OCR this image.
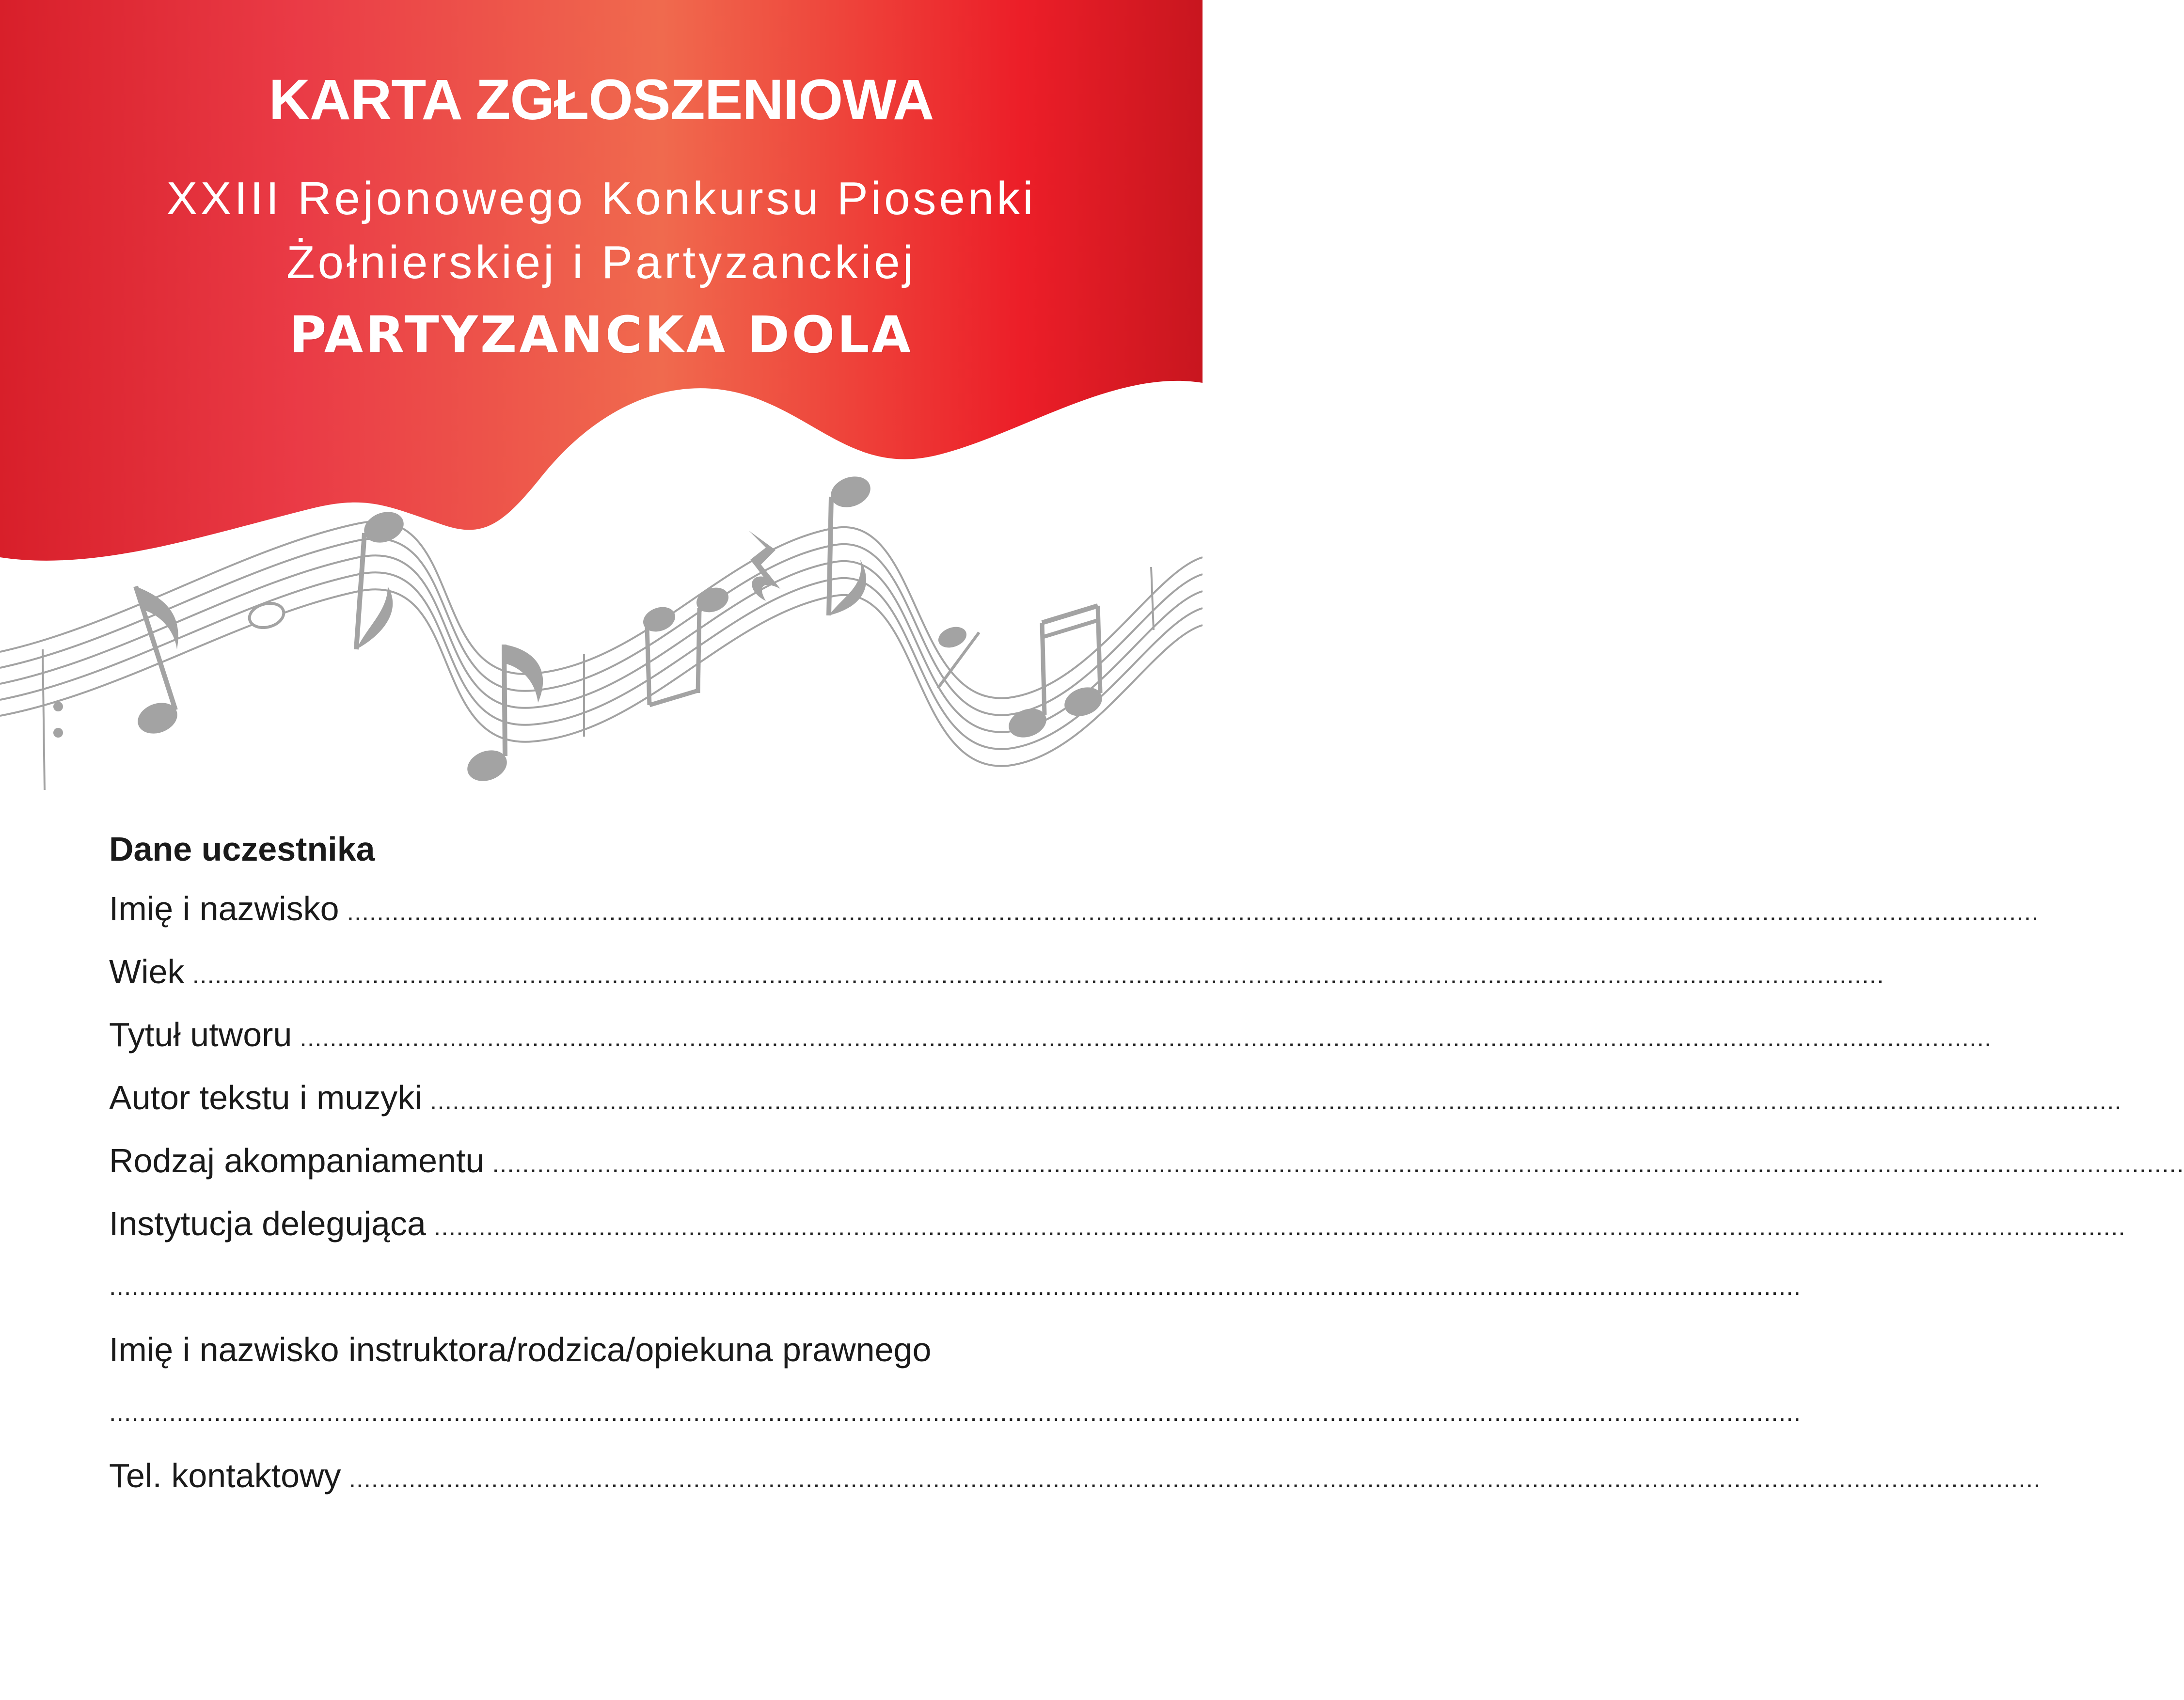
KARTA ZGŁOSZENIOWA
XXIII Rejonowego Konkursu Piosenki
Żołnierskiej i Partyzanckiej
PARTYZANCKA DOLA
Dane uczestnika
Imię i nazwisko ..................................................................................................................................................................................................................................
Wiek ..................................................................................................................................................................................................................................
Tytuł utworu ..................................................................................................................................................................................................................................
Autor tekstu i muzyki ..................................................................................................................................................................................................................................
Rodzaj akompaniamentu ..................................................................................................................................................................................................................................
Instytucja delegująca ..................................................................................................................................................................................................................................
..................................................................................................................................................................................................................................
Imię i nazwisko instruktora/rodzica/opiekuna prawnego
..................................................................................................................................................................................................................................
Tel. kontaktowy ..................................................................................................................................................................................................................................
